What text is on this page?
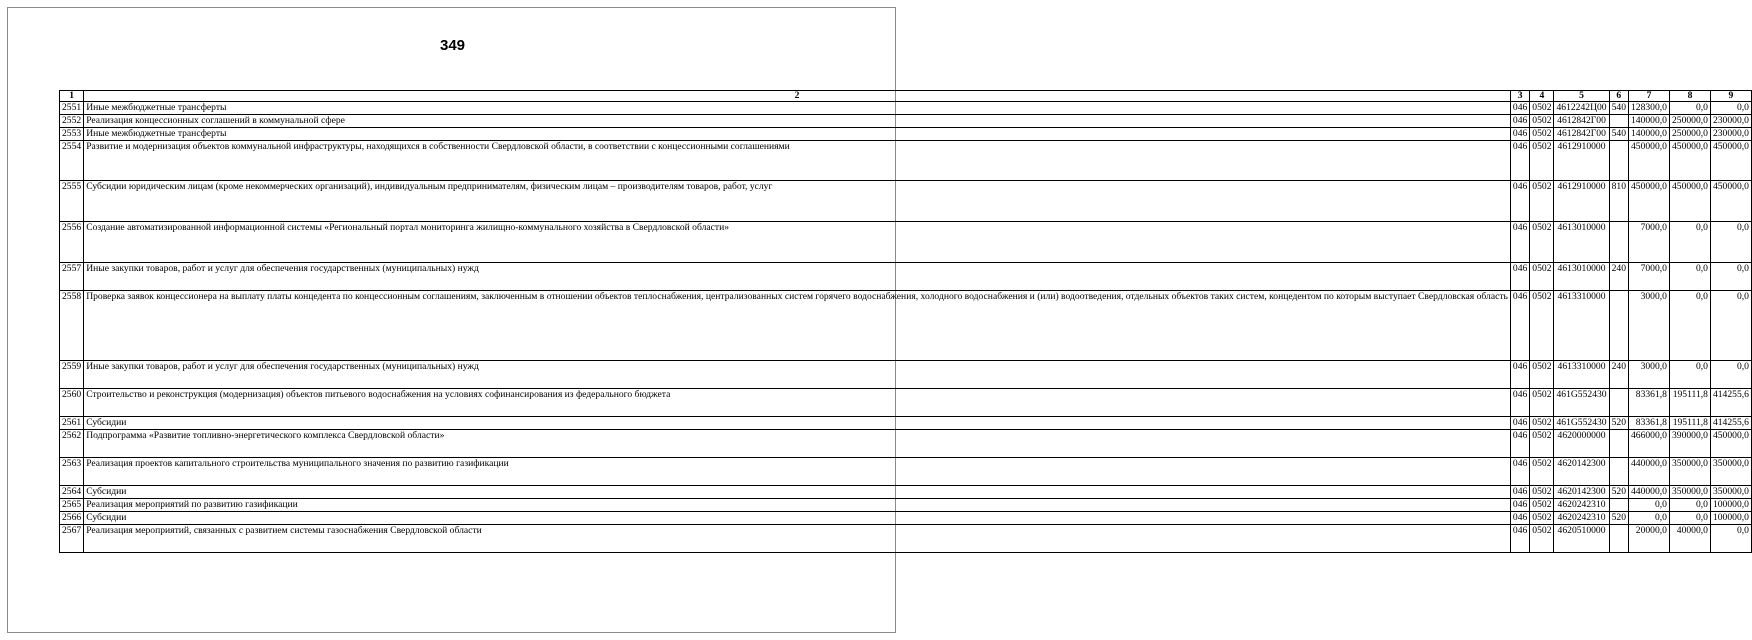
349
1	2	3	4	5	6	7	8	9
2551	Иные межбюджетные трансферты	046	0502	4612242Ц00	540	128300,0	0,0	0,0
2552	Реализация концессионных соглашений в коммунальной сфере	046	0502	4612842Г00		140000,0	250000,0	230000,0
2553	Иные межбюджетные трансферты	046	0502	4612842Г00	540	140000,0	250000,0	230000,0
2554	Развитие и модернизация объектов коммунальной инфраструктуры, находящихся в собственности Свердловской области, в соответствии с концессионными соглашениями	046	0502	4612910000		450000,0	450000,0	450000,0
2555	Субсидии юридическим лицам (кроме некоммерческих организаций), индивидуальным предпринимателям, физическим лицам – производителям товаров, работ, услуг	046	0502	4612910000	810	450000,0	450000,0	450000,0
2556	Создание автоматизированной информационной системы «Региональный портал мониторинга жилищно-коммунального хозяйства в Свердловской области»	046	0502	4613010000		7000,0	0,0	0,0
2557	Иные закупки товаров, работ и услуг для обеспечения государственных (муниципальных) нужд	046	0502	4613010000	240	7000,0	0,0	0,0
2558	Проверка заявок концессионера на выплату платы концедента по концессионным соглашениям, заключенным в отношении объектов теплоснабжения, централизованных систем горячего водоснабжения, холодного водоснабжения и (или) водоотведения, отдельных объектов таких систем, концедентом по которым выступает Свердловская область	046	0502	4613310000		3000,0	0,0	0,0
2559	Иные закупки товаров, работ и услуг для обеспечения государственных (муниципальных) нужд	046	0502	4613310000	240	3000,0	0,0	0,0
2560	Строительство и реконструкция (модернизация) объектов питьевого водоснабжения на условиях софинансирования из федерального бюджета	046	0502	461G552430		83361,8	195111,8	414255,6
2561	Субсидии	046	0502	461G552430	520	83361,8	195111,8	414255,6
2562	Подпрограмма «Развитие топливно-энергетического комплекса Свердловской области»	046	0502	4620000000		466000,0	390000,0	450000,0
2563	Реализация проектов капитального строительства муниципального значения по развитию газификации	046	0502	4620142300		440000,0	350000,0	350000,0
2564	Субсидии	046	0502	4620142300	520	440000,0	350000,0	350000,0
2565	Реализация мероприятий по развитию газификации	046	0502	4620242310		0,0	0,0	100000,0
2566	Субсидии	046	0502	4620242310	520	0,0	0,0	100000,0
2567	Реализация мероприятий, связанных с развитием системы газоснабжения Свердловской области	046	0502	4620510000		20000,0	40000,0	0,0
